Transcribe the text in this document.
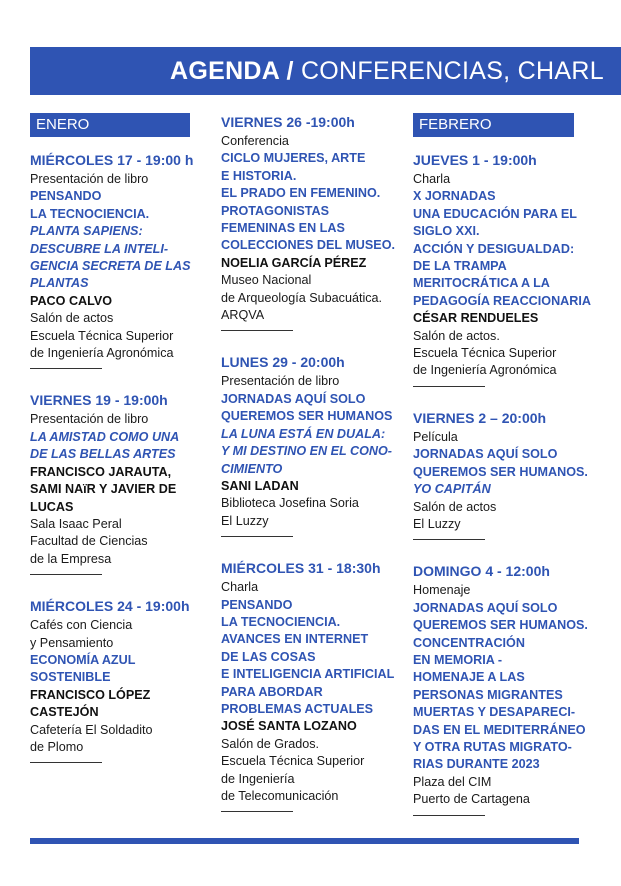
AGENDA / CONFERENCIAS, CHARL
ENERO
MIÉRCOLES 17 - 19:00 h
Presentación de libro
PENSANDO
LA TECNOCIENCIA.
PLANTA SAPIENS:
DESCUBRE LA INTELI-
GENCIA SECRETA DE LAS
PLANTAS
PACO CALVO
Salón de actos
Escuela Técnica Superior
de Ingeniería Agronómica
VIERNES 19 - 19:00h
Presentación de libro
LA AMISTAD COMO UNA
DE LAS BELLAS ARTES
FRANCISCO JARAUTA,
SAMI NAïR Y JAVIER DE
LUCAS
Sala Isaac Peral
Facultad de Ciencias
de la Empresa
MIÉRCOLES 24 - 19:00h
Cafés con Ciencia
y Pensamiento
ECONOMÍA AZUL
SOSTENIBLE
FRANCISCO LÓPEZ
CASTEJÓN
Cafetería El Soldadito
de Plomo
VIERNES 26 -19:00h
Conferencia
CICLO MUJERES, ARTE
E HISTORIA.
EL PRADO EN FEMENINO.
PROTAGONISTAS
FEMENINAS EN LAS
COLECCIONES DEL MUSEO.
NOELIA GARCÍA PÉREZ
Museo Nacional
de Arqueología Subacuática.
ARQVA
LUNES 29 - 20:00h
Presentación de libro
JORNADAS AQUÍ SOLO
QUEREMOS SER HUMANOS
LA LUNA ESTÁ EN DUALA:
Y MI DESTINO EN EL CONO-
CIMIENTO
SANI LADAN
Biblioteca Josefina Soria
El Luzzy
MIÉRCOLES 31 - 18:30h
Charla
PENSANDO
LA TECNOCIENCIA.
AVANCES EN INTERNET
DE LAS COSAS
E INTELIGENCIA ARTIFICIAL
PARA ABORDAR
PROBLEMAS ACTUALES
JOSÉ SANTA LOZANO
Salón de Grados.
Escuela Técnica Superior
de Ingeniería
de Telecomunicación
FEBRERO
JUEVES 1 - 19:00h
Charla
X JORNADAS
UNA EDUCACIÓN PARA EL
SIGLO XXI.
ACCIÓN Y DESIGUALDAD:
DE LA TRAMPA
MERITOCRÁTICA A LA
PEDAGOGÍA REACCIONARIA
CÉSAR RENDUELES
Salón de actos.
Escuela Técnica Superior
de Ingeniería Agronómica
VIERNES 2 – 20:00h
Película
JORNADAS AQUÍ SOLO
QUEREMOS SER HUMANOS.
YO CAPITÁN
Salón de actos
El Luzzy
DOMINGO 4 - 12:00h
Homenaje
JORNADAS AQUÍ SOLO
QUEREMOS SER HUMANOS.
CONCENTRACIÓN
EN MEMORIA -
HOMENAJE A LAS
PERSONAS MIGRANTES
MUERTAS Y DESAPARECI-
DAS EN EL MEDITERRÁNEO
Y OTRA RUTAS MIGRATO-
RIAS DURANTE 2023
Plaza del CIM
Puerto de Cartagena
